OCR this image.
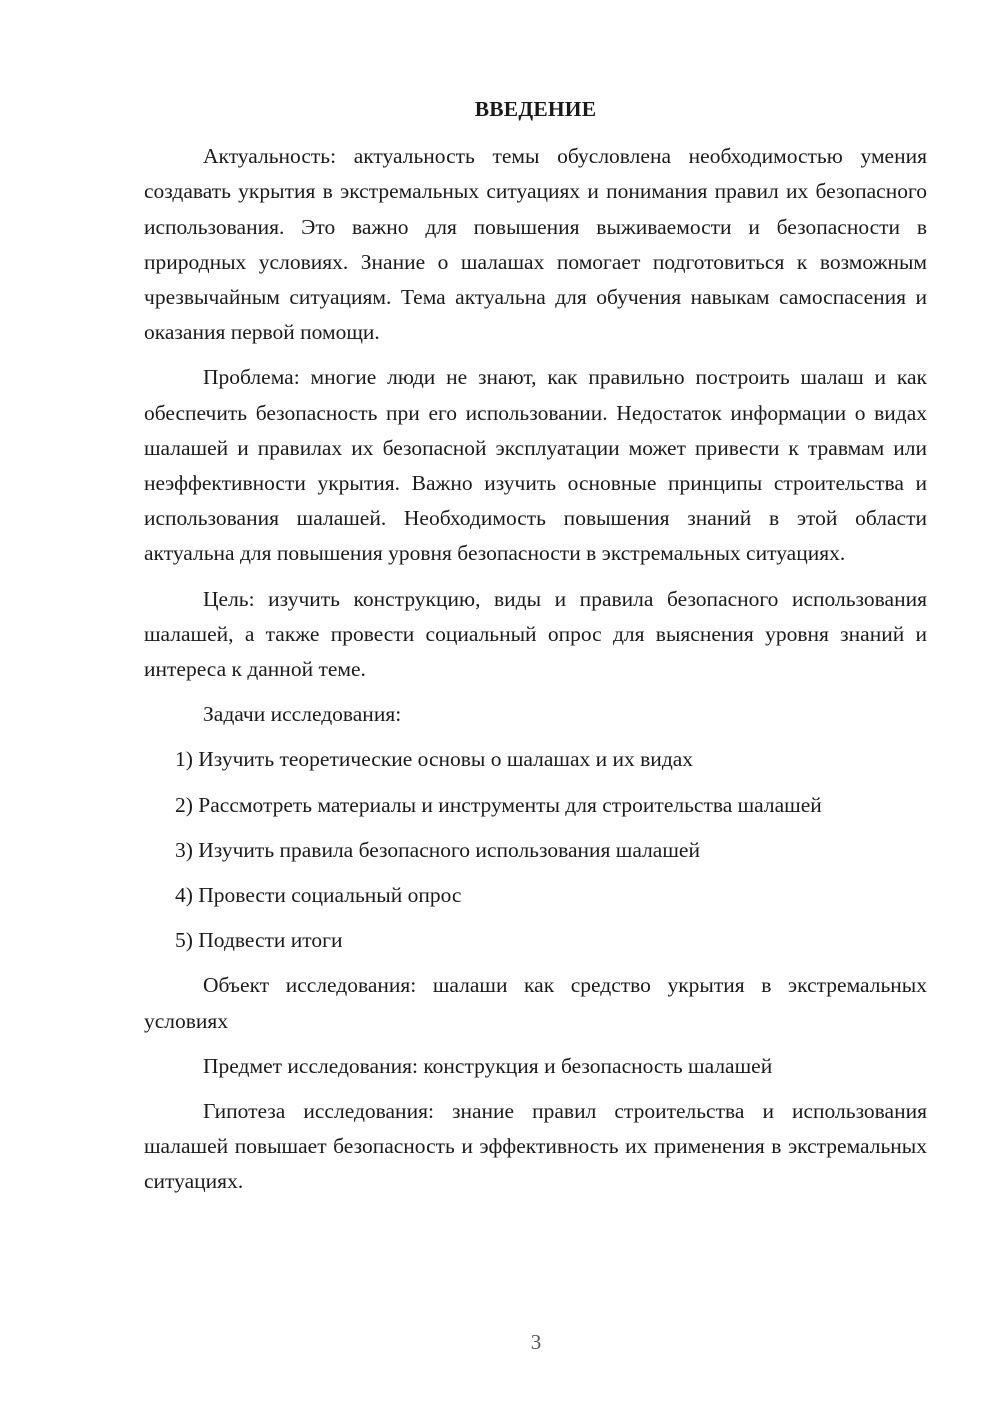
ВВЕДЕНИЕ

Актуальность: актуальность темы обусловлена необходимостью умения создавать укрытия в экстремальных ситуациях и понимания правил их безопасного использования. Это важно для повышения выживаемости и безопасности в природных условиях. Знание о шалашах помогает подготовиться к возможным чрезвычайным ситуациям. Тема актуальна для обучения навыкам самоспасения и оказания первой помощи.

Проблема: многие люди не знают, как правильно построить шалаш и как обеспечить безопасность при его использовании. Недостаток информации о видах шалашей и правилах их безопасной эксплуатации может привести к травмам или неэффективности укрытия. Важно изучить основные принципы строительства и использования шалашей. Необходимость повышения знаний в этой области актуальна для повышения уровня безопасности в экстремальных ситуациях.

Цель: изучить конструкцию, виды и правила безопасного использования шалашей, а также провести социальный опрос для выяснения уровня знаний и интереса к данной теме.

Задачи исследования:

1) Изучить теоретические основы о шалашах и их видах
2) Рассмотреть материалы и инструменты для строительства шалашей
3) Изучить правила безопасного использования шалашей
4) Провести социальный опрос
5) Подвести итоги

Объект исследования: шалаши как средство укрытия в экстремальных условиях

Предмет исследования: конструкция и безопасность шалашей

Гипотеза исследования: знание правил строительства и использования шалашей повышает безопасность и эффективность их применения в экстремальных ситуациях.

3
